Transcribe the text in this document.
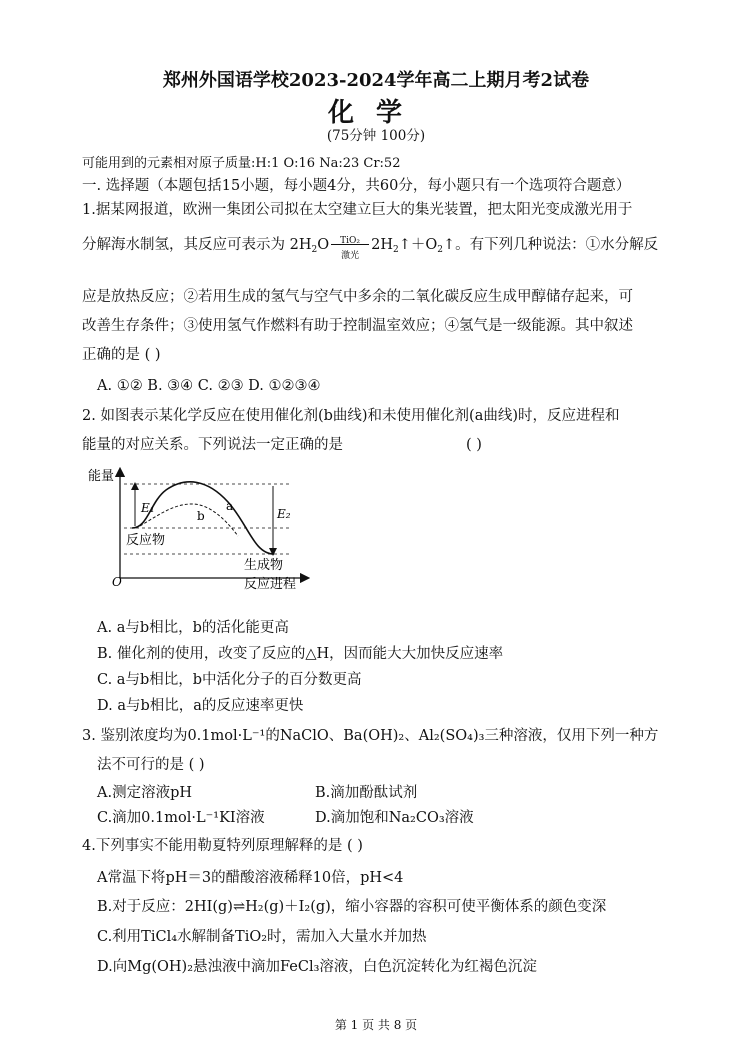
郑州外国语学校2023-2024学年高二上期月考2试卷
化学
(75分钟 100分)
可能用到的元素相对原子质量:H:1 O:16 Na:23 Cr:52
一. 选择题（本题包括15小题，每小题4分，共60分，每小题只有一个选项符合题意）
1.据某网报道，欧洲一集团公司拟在太空建立巨大的集光装置，把太阳光变成激光用于
分解海水制氢，其反应可表示为 $2H_2O \frac{\text{TiO₂}}{\text{激光}}$ $2H_2↑+O_2↑$。有下列几种说法：①水分解反
应是放热反应；②若用生成的氢气与空气中多余的二氧化碳反应生成甲醇储存起来，可
改善生存条件；③使用氢气作燃料有助于控制温室效应；④氢气是一级能源。其中叙述
正确的是 ( )
A. ①② B. ③④ C. ②③ D. ①②③④
2. 如图表示某化学反应在使用催化剂(b曲线)和未使用催化剂(a曲线)时，反应进程和
能量的对应关系。下列说法一定正确的是	( )
能量
O	反应进程
E₁	E₂
a
b
反应物
生成物
A. a与b相比，b的活化能更高
B. 催化剂的使用，改变了反应的△H，因而能大大加快反应速率
C. a与b相比，b中活化分子的百分数更高
D. a与b相比，a的反应速率更快
3. 鉴别浓度均为0.1mol·L⁻¹的NaClO、Ba(OH)₂、Al₂(SO₄)₃三种溶液，仅用下列一种方
法不可行的是 ( )
A.测定溶液pH	B.滴加酚酞试剂
C.滴加0.1mol·L⁻¹KI溶液	D.滴加饱和Na₂CO₃溶液
4.下列事实不能用勒夏特列原理解释的是 ( )
A常温下将pH＝3的醋酸溶液稀释10倍，pH<4
B.对于反应：2HI(g)⇌H₂(g)＋I₂(g)，缩小容器的容积可使平衡体系的颜色变深
C.利用TiCl₄水解制备TiO₂时，需加入大量水并加热
D.向Mg(OH)₂悬浊液中滴加FeCl₃溶液，白色沉淀转化为红褐色沉淀
第 1 页 共 8 页
